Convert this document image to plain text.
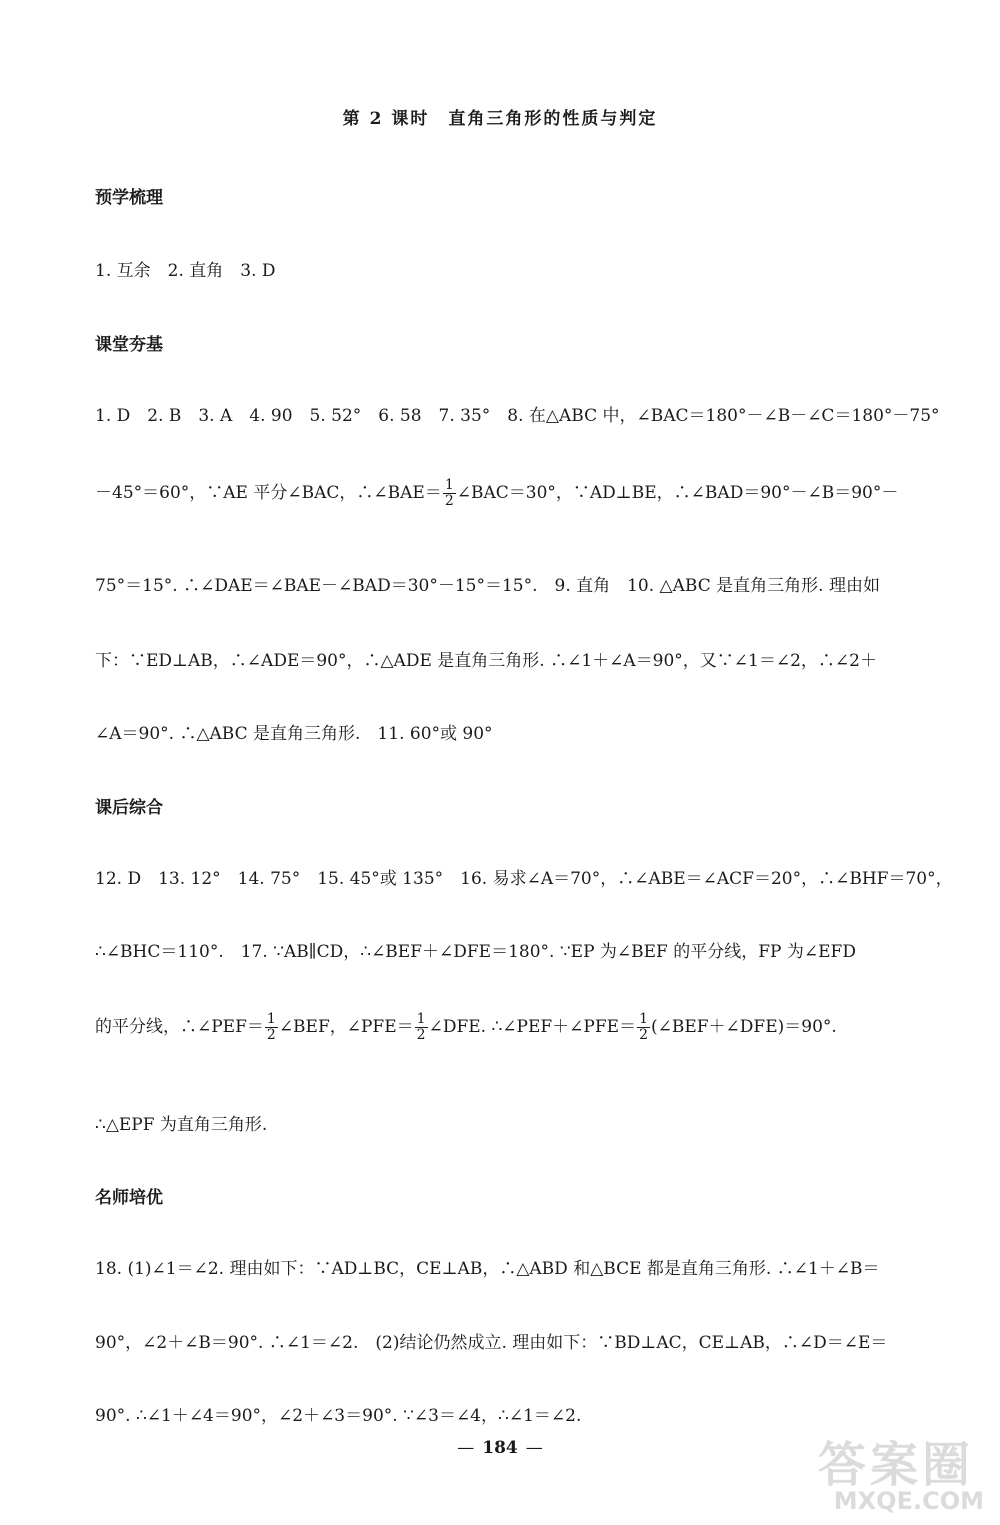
第 2 课时　直角三角形的性质与判定
预学梳理
1. 互余　2. 直角　3. D
课堂夯基
1. D　2. B　3. A　4. 90　5. 52°　6. 58　7. 35°　8. 在△ABC 中，∠BAC＝180°－∠B－∠C＝180°－75°
－45°＝60°，∵AE 平分∠BAC，∴∠BAE＝ $\frac{1}{2}$ ∠BAC＝30°，∵AD⊥BE，∴∠BAD＝90°－∠B＝90°－
75°＝15°. ∴∠DAE＝∠BAE－∠BAD＝30°－15°＝15°.　9. 直角　10. △ABC 是直角三角形. 理由如
下：∵ED⊥AB，∴∠ADE＝90°，∴△ADE 是直角三角形. ∴∠1＋∠A＝90°，又∵∠1＝∠2，∴∠2＋
∠A＝90°. ∴△ABC 是直角三角形.　11. 60°或 90°
课后综合
12. D　13. 12°　14. 75°　15. 45°或 135°　16. 易求∠A＝70°，∴∠ABE＝∠ACF＝20°，∴∠BHF＝70°，
∴∠BHC＝110°.　17. ∵AB∥CD，∴∠BEF＋∠DFE＝180°. ∵EP 为∠BEF 的平分线，FP 为∠EFD
的平分线，∴∠PEF＝ $\frac{1}{2}$ ∠BEF，∠PFE＝ $\frac{1}{2}$ ∠DFE. ∴∠PEF＋∠PFE＝ $\frac{1}{2}$ (∠BEF＋∠DFE)＝90°.
∴△EPF 为直角三角形.
名师培优
18. (1)∠1＝∠2. 理由如下：∵AD⊥BC，CE⊥AB，∴△ABD 和△BCE 都是直角三角形. ∴∠1＋∠B＝
90°，∠2＋∠B＝90°. ∴∠1＝∠2.　(2)结论仍然成立. 理由如下：∵BD⊥AC，CE⊥AB，∴∠D＝∠E＝
90°. ∴∠1＋∠4＝90°，∠2＋∠3＝90°. ∵∠3＝∠4，∴∠1＝∠2.
— 184 —	答案圈
MXQE.COM
